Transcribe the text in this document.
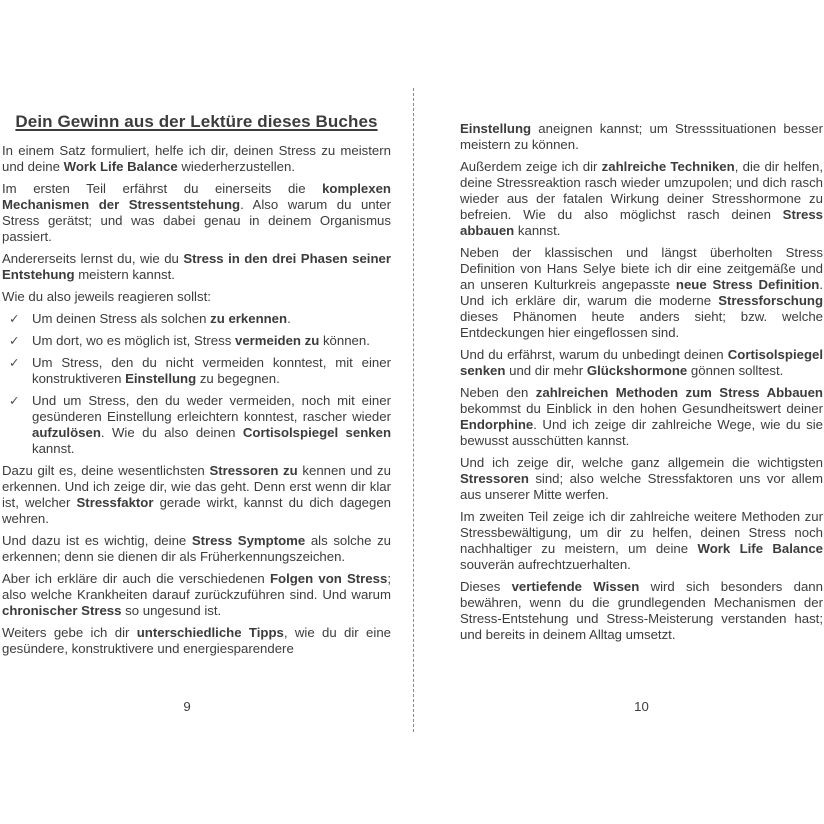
Dein Gewinn aus der Lektüre dieses Buches

In einem Satz formuliert, helfe ich dir, deinen Stress zu meistern und deine Work Life Balance wiederherzustellen.

Im ersten Teil erfährst du einerseits die komplexen Mechanismen der Stressentstehung. Also warum du unter Stress gerätst; und was dabei genau in deinem Organismus passiert.

Andererseits lernst du, wie du Stress in den drei Phasen seiner Entstehung meistern kannst.

Wie du also jeweils reagieren sollst:

✓ Um deinen Stress als solchen zu erkennen.
✓ Um dort, wo es möglich ist, Stress vermeiden zu können.
✓ Um Stress, den du nicht vermeiden konntest, mit einer konstruktiveren Einstellung zu begegnen.
✓ Und um Stress, den du weder vermeiden, noch mit einer gesünderen Einstellung erleichtern konntest, rascher wieder aufzulösen. Wie du also deinen Cortisolspiegel senken kannst.

Dazu gilt es, deine wesentlichsten Stressoren zu kennen und zu erkennen. Und ich zeige dir, wie das geht. Denn erst wenn dir klar ist, welcher Stressfaktor gerade wirkt, kannst du dich dagegen wehren.

Und dazu ist es wichtig, deine Stress Symptome als solche zu erkennen; denn sie dienen dir als Früherkennungszeichen.

Aber ich erkläre dir auch die verschiedenen Folgen von Stress; also welche Krankheiten darauf zurückzuführen sind. Und warum chronischer Stress so ungesund ist.

Weiters gebe ich dir unterschiedliche Tipps, wie du dir eine gesündere, konstruktivere und energiesparendere

Einstellung aneignen kannst; um Stresssituationen besser meistern zu können.

Außerdem zeige ich dir zahlreiche Techniken, die dir helfen, deine Stressreaktion rasch wieder umzupolen; und dich rasch wieder aus der fatalen Wirkung deiner Stresshormone zu befreien. Wie du also möglichst rasch deinen Stress abbauen kannst.

Neben der klassischen und längst überholten Stress Definition von Hans Selye biete ich dir eine zeitgemäße und an unseren Kulturkreis angepasste neue Stress Definition. Und ich erkläre dir, warum die moderne Stressforschung dieses Phänomen heute anders sieht; bzw. welche Entdeckungen hier eingeflossen sind.

Und du erfährst, warum du unbedingt deinen Cortisolspiegel senken und dir mehr Glückshormone gönnen solltest.

Neben den zahlreichen Methoden zum Stress Abbauen bekommst du Einblick in den hohen Gesundheitswert deiner Endorphine. Und ich zeige dir zahlreiche Wege, wie du sie bewusst ausschütten kannst.

Und ich zeige dir, welche ganz allgemein die wichtigsten Stressoren sind; also welche Stressfaktoren uns vor allem aus unserer Mitte werfen.

Im zweiten Teil zeige ich dir zahlreiche weitere Methoden zur Stressbewältigung, um dir zu helfen, deinen Stress noch nachhaltiger zu meistern, um deine Work Life Balance souverän aufrechtzuerhalten.

Dieses vertiefende Wissen wird sich besonders dann bewähren, wenn du die grundlegenden Mechanismen der Stress-Entstehung und Stress-Meisterung verstanden hast; und bereits in deinem Alltag umsetzt.

9	10
